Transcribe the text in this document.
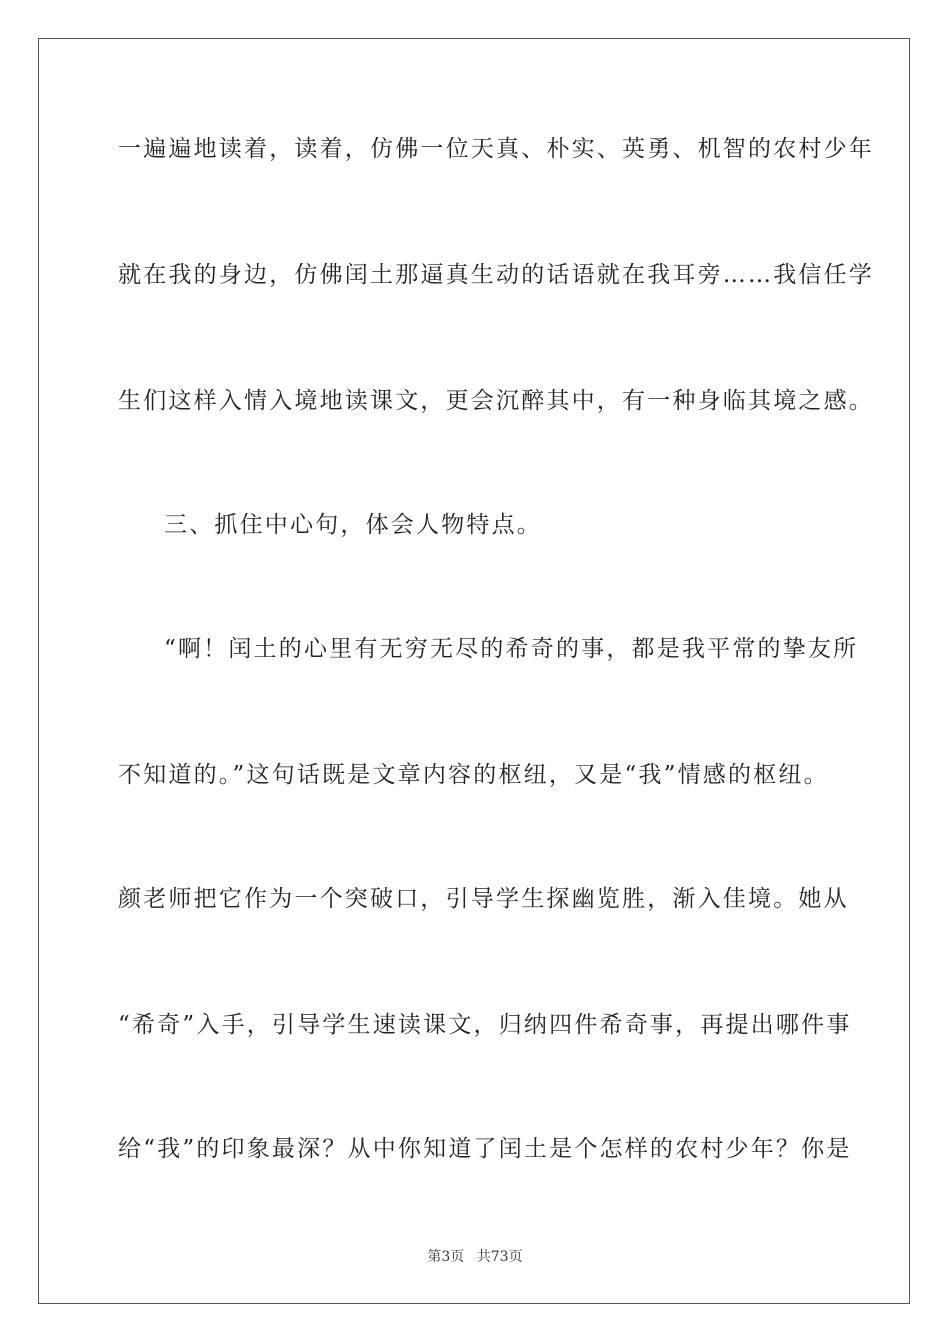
一遍遍地读着，读着，仿佛一位天真、朴实、英勇、机智的农村少年
就在我的身边，仿佛闰土那逼真生动的话语就在我耳旁……我信任学
生们这样入情入境地读课文，更会沉醉其中，有一种身临其境之感。
三、抓住中心句，体会人物特点。
“啊！闰土的心里有无穷无尽的希奇的事，都是我平常的挚友所
不知道的。”这句话既是文章内容的枢纽，又是“我”情感的枢纽。
颜老师把它作为一个突破口，引导学生探幽览胜，渐入佳境。她从
“希奇”入手，引导学生速读课文，归纳四件希奇事，再提出哪件事
给“我”的印象最深？从中你知道了闰土是个怎样的农村少年？你是
第3页 共73页
